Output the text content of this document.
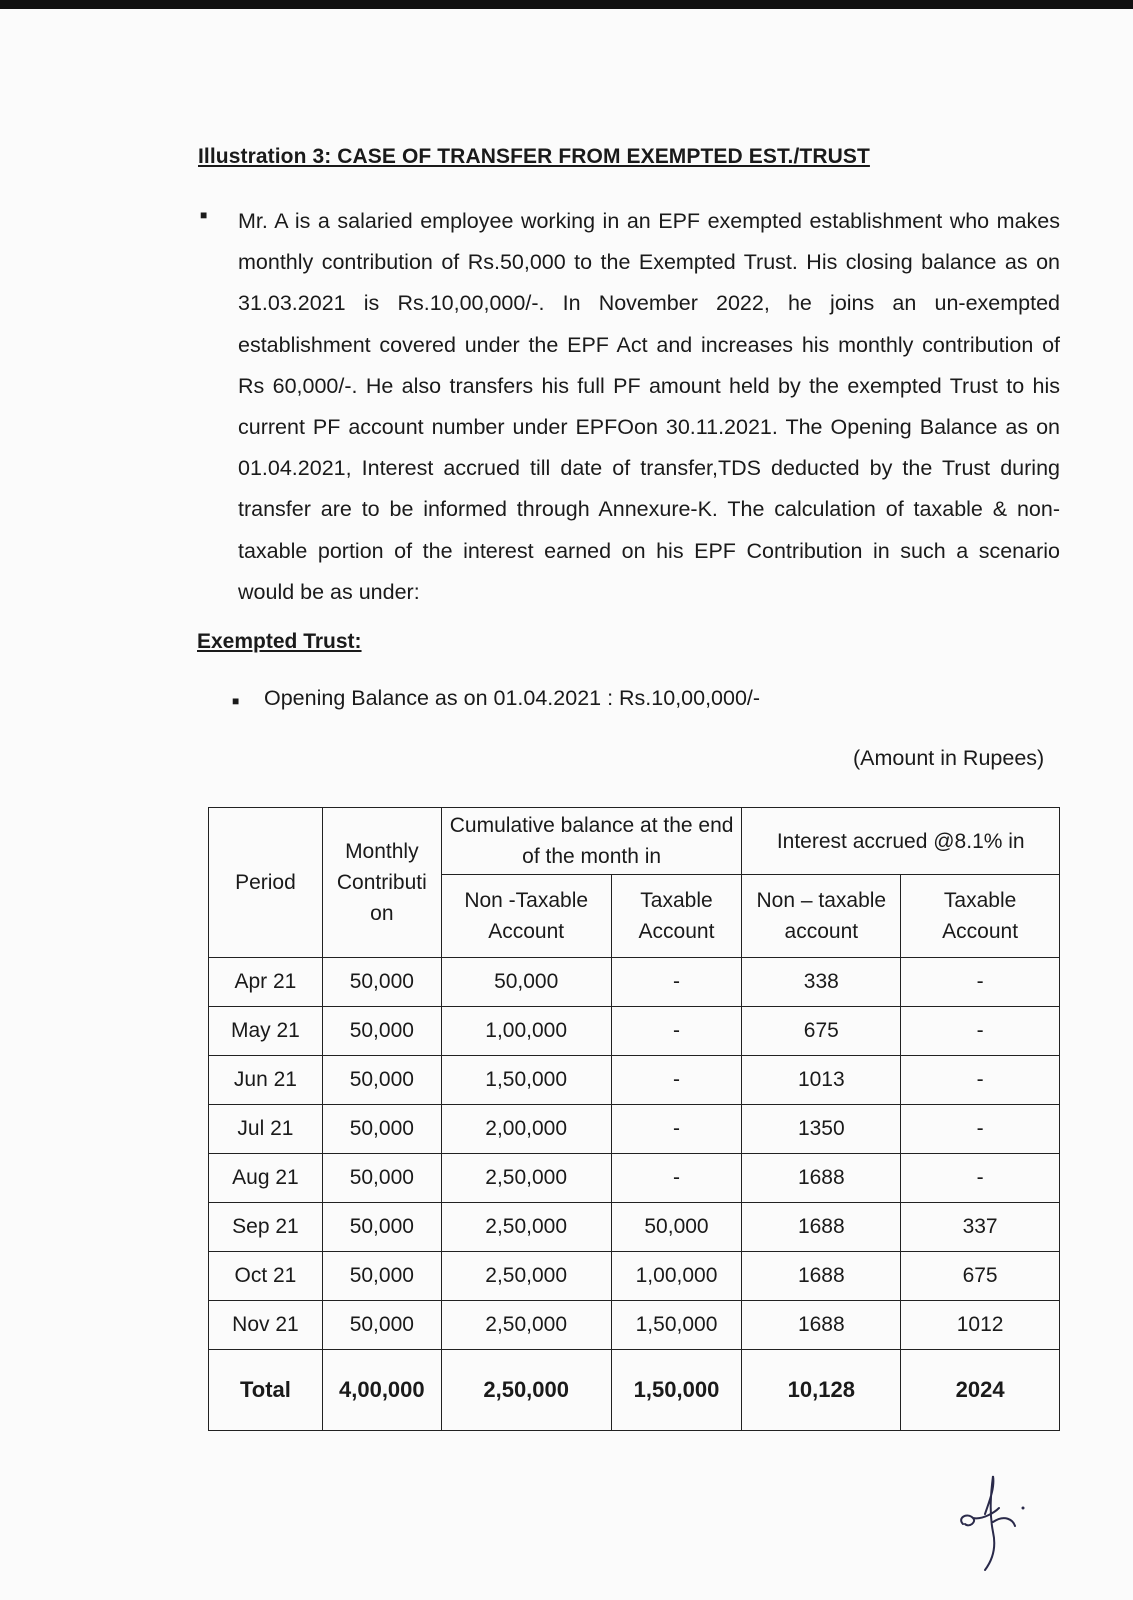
Illustration 3: CASE OF TRANSFER FROM EXEMPTED EST./TRUST
■ Mr. A is a salaried employee working in an EPF exempted establishment who makes monthly contribution of Rs.50,000 to the Exempted Trust. His closing balance as on 31.03.2021 is Rs.10,00,000/-. In November 2022, he joins an un-exempted establishment covered under the EPF Act and increases his monthly contribution of Rs 60,000/-. He also transfers his full PF amount held by the exempted Trust to his current PF account number under EPFOon 30.11.2021. The Opening Balance as on 01.04.2021, Interest accrued till date of transfer,TDS deducted by the Trust during transfer are to be informed through Annexure-K. The calculation of taxable & non-taxable portion of the interest earned on his EPF Contribution in such a scenario would be as under:

Exempted Trust:
■ Opening Balance as on 01.04.2021 : Rs.10,00,000/-
(Amount in Rupees)
Period	Monthly Contributi on	Cumulative balance at the end of the month in		Interest accrued @8.1% in	
		Non -Taxable Account	Taxable Account	Non – taxable account	Taxable Account
Apr 21	50,000	50,000	-	338	-
May 21	50,000	1,00,000	-	675	-
Jun 21	50,000	1,50,000	-	1013	-
Jul 21	50,000	2,00,000	-	1350	-
Aug 21	50,000	2,50,000	-	1688	-
Sep 21	50,000	2,50,000	50,000	1688	337
Oct 21	50,000	2,50,000	1,00,000	1688	675
Nov 21	50,000	2,50,000	1,50,000	1688	1012
Total	4,00,000	2,50,000	1,50,000	10,128	2024
